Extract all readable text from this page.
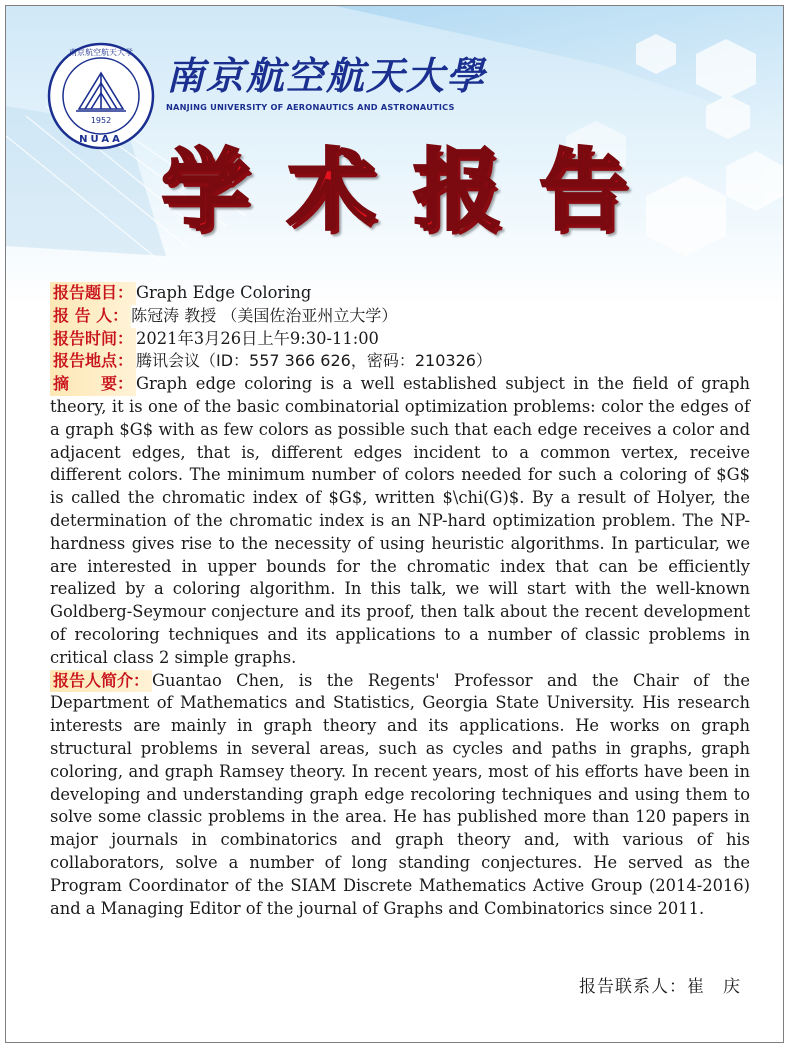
1952
NUAA
南京航空航天大学
南京航空航天大學
NANJING UNIVERSITY OF AERONAUTICS AND ASTRONAUTICS
学术报告

报告题目： Graph Edge Coloring

报 告 人： 陈冠涛 教授 （美国佐治亚州立大学）

报告时间： 2021年3月26日上午9:30-11:00

报告地点： 腾讯会议（ID：557 366 626，密码：210326）

摘　　要： Graph edge coloring is a well established subject in the field of graph theory, it is one of the basic combinatorial optimization problems: color the edges of a graph $G$ with as few colors as possible such that each edge receives a color and adjacent edges, that is, different edges incident to a common vertex, receive different colors. The minimum number of colors needed for such a coloring of $G$ is called the chromatic index of $G$, written $\chi(G)$. By a result of Holyer, the determination of the chromatic index is an NP-hard optimization problem. The NP-hardness gives rise to the necessity of using heuristic algorithms. In particular, we are interested in upper bounds for the chromatic index that can be efficiently realized by a coloring algorithm. In this talk, we will start with the well-known Goldberg-Seymour conjecture and its proof, then talk about the recent development of recoloring techniques and its applications to a number of classic problems in critical class 2 simple graphs.

报告人简介： Guantao Chen, is the Regents' Professor and the Chair of the Department of Mathematics and Statistics, Georgia State University. His research interests are mainly in graph theory and its applications. He works on graph structural problems in several areas, such as cycles and paths in graphs, graph coloring, and graph Ramsey theory. In recent years, most of his efforts have been in developing and understanding graph edge recoloring techniques and using them to solve some classic problems in the area. He has published more than 120 papers in major journals in combinatorics and graph theory and, with various of his collaborators, solve a number of long standing conjectures. He served as the Program Coordinator of the SIAM Discrete Mathematics Active Group (2014-2016) and a Managing Editor of the journal of Graphs and Combinatorics since 2011.

报告联系人：崔　庆
